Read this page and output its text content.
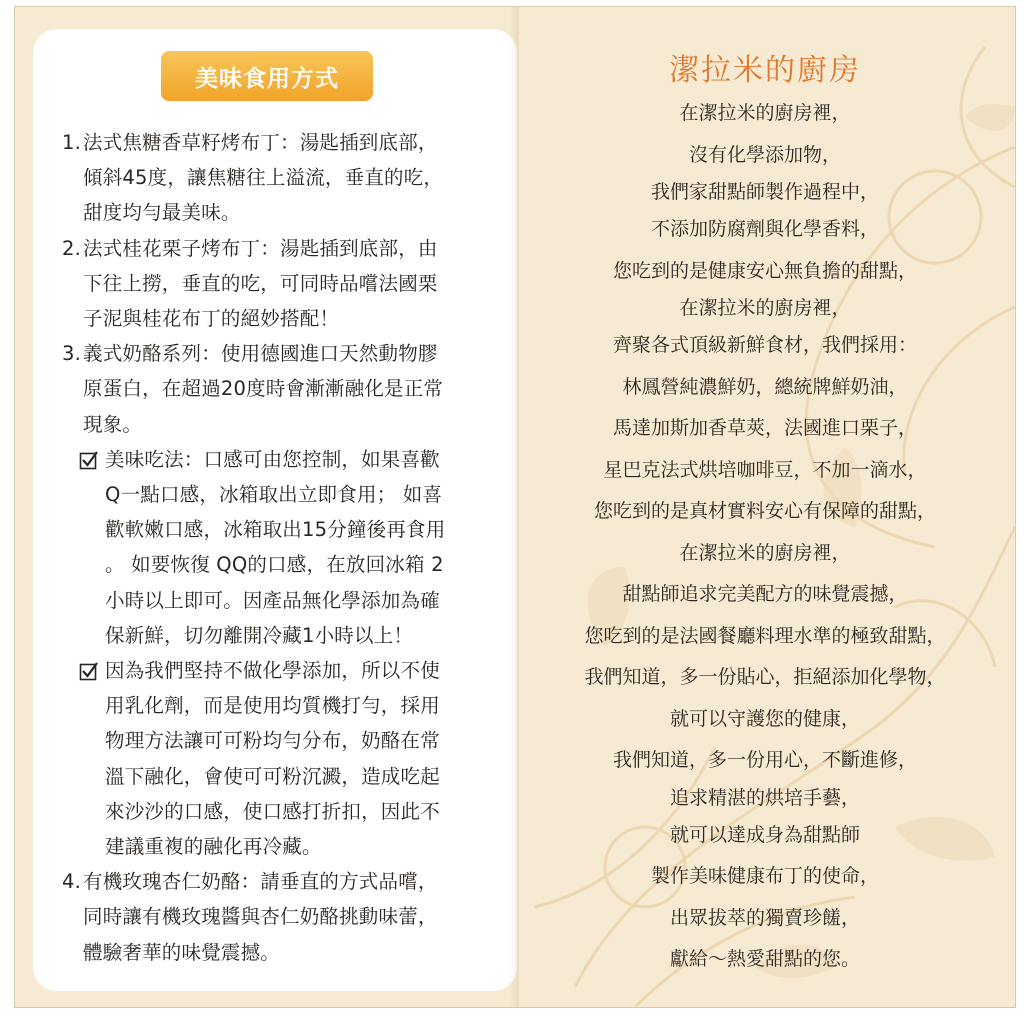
美味食用方式
1. 法式焦糖香草籽烤布丁：湯匙插到底部，
傾斜45度，讓焦糖往上溢流，垂直的吃，
甜度均勻最美味。
2. 法式桂花栗子烤布丁：湯匙插到底部，由
下往上撈，垂直的吃，可同時品嚐法國栗
子泥與桂花布丁的絕妙搭配！
3. 義式奶酪系列：使用德國進口天然動物膠
原蛋白，在超過20度時會漸漸融化是正常
現象。
美味吃法：口感可由您控制，如果喜歡
Q一點口感，冰箱取出立即食用； 如喜
歡軟嫩口感，冰箱取出15分鐘後再食用
。 如要恢復 QQ的口感，在放回冰箱 2
小時以上即可。因產品無化學添加為確
保新鮮，切勿離開冷藏1小時以上！
因為我們堅持不做化學添加，所以不使
用乳化劑，而是使用均質機打勻，採用
物理方法讓可可粉均勻分布，奶酪在常
溫下融化，會使可可粉沉澱，造成吃起
來沙沙的口感，使口感打折扣，因此不
建議重複的融化再冷藏。
4. 有機玫瑰杏仁奶酪：請垂直的方式品嚐，
同時讓有機玫瑰醬與杏仁奶酪挑動味蕾，
體驗奢華的味覺震撼。
潔拉米的廚房
在潔拉米的廚房裡，
沒有化學添加物，
我們家甜點師製作過程中，
不添加防腐劑與化學香料，
您吃到的是健康安心無負擔的甜點，
在潔拉米的廚房裡，
齊聚各式頂級新鮮食材，我們採用：
林鳳營純濃鮮奶，總統牌鮮奶油，
馬達加斯加香草莢，法國進口栗子，
星巴克法式烘培咖啡豆，不加一滴水，
您吃到的是真材實料安心有保障的甜點，
在潔拉米的廚房裡，
甜點師追求完美配方的味覺震撼，
您吃到的是法國餐廳料理水準的極致甜點，
我們知道，多一份貼心，拒絕添加化學物，
就可以守護您的健康，
我們知道，多一份用心，不斷進修，
追求精湛的烘培手藝，
就可以達成身為甜點師
製作美味健康布丁的使命，
出眾拔萃的獨賣珍饈，
獻給～熱愛甜點的您。
